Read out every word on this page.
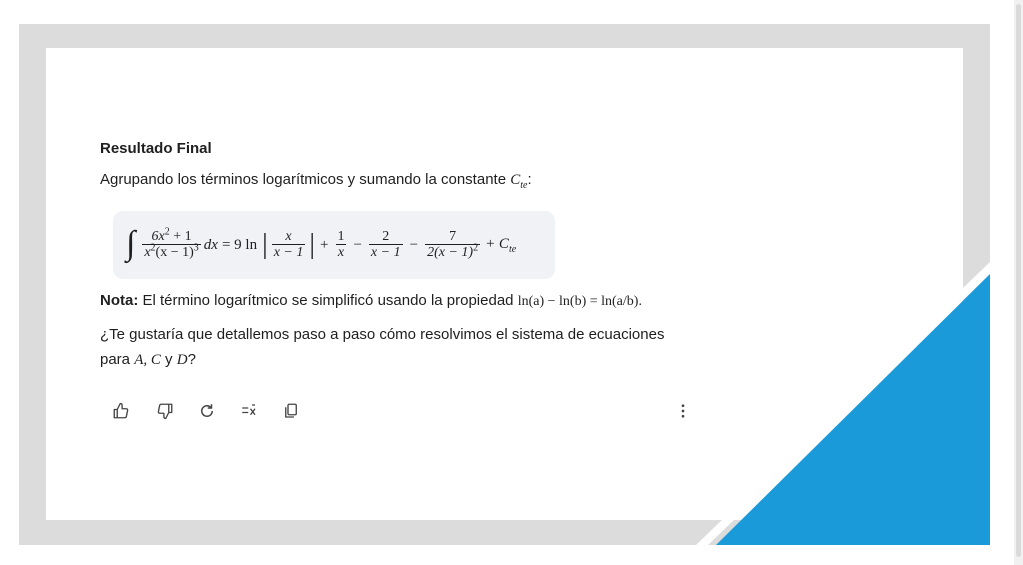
Resultado Final
Agrupando los términos logarítmicos y sumando la constante $C_{te}$:
∫ $\frac{6x^2 + 1}{x^2(x - 1)^3}$ dx = 9 ln | $\frac{x}{x - 1}$ | + $\frac{1}{x} - \frac{2}{x - 1} - \frac{7}{2(x - 1)^2} + C_{te}$
Nota: El término logarítmico se simplificó usando la propiedad ln(a) − ln(b) = ln(a/b).
¿Te gustaría que detallemos paso a paso cómo resolvimos el sistema de ecuaciones
para A, C y D?
